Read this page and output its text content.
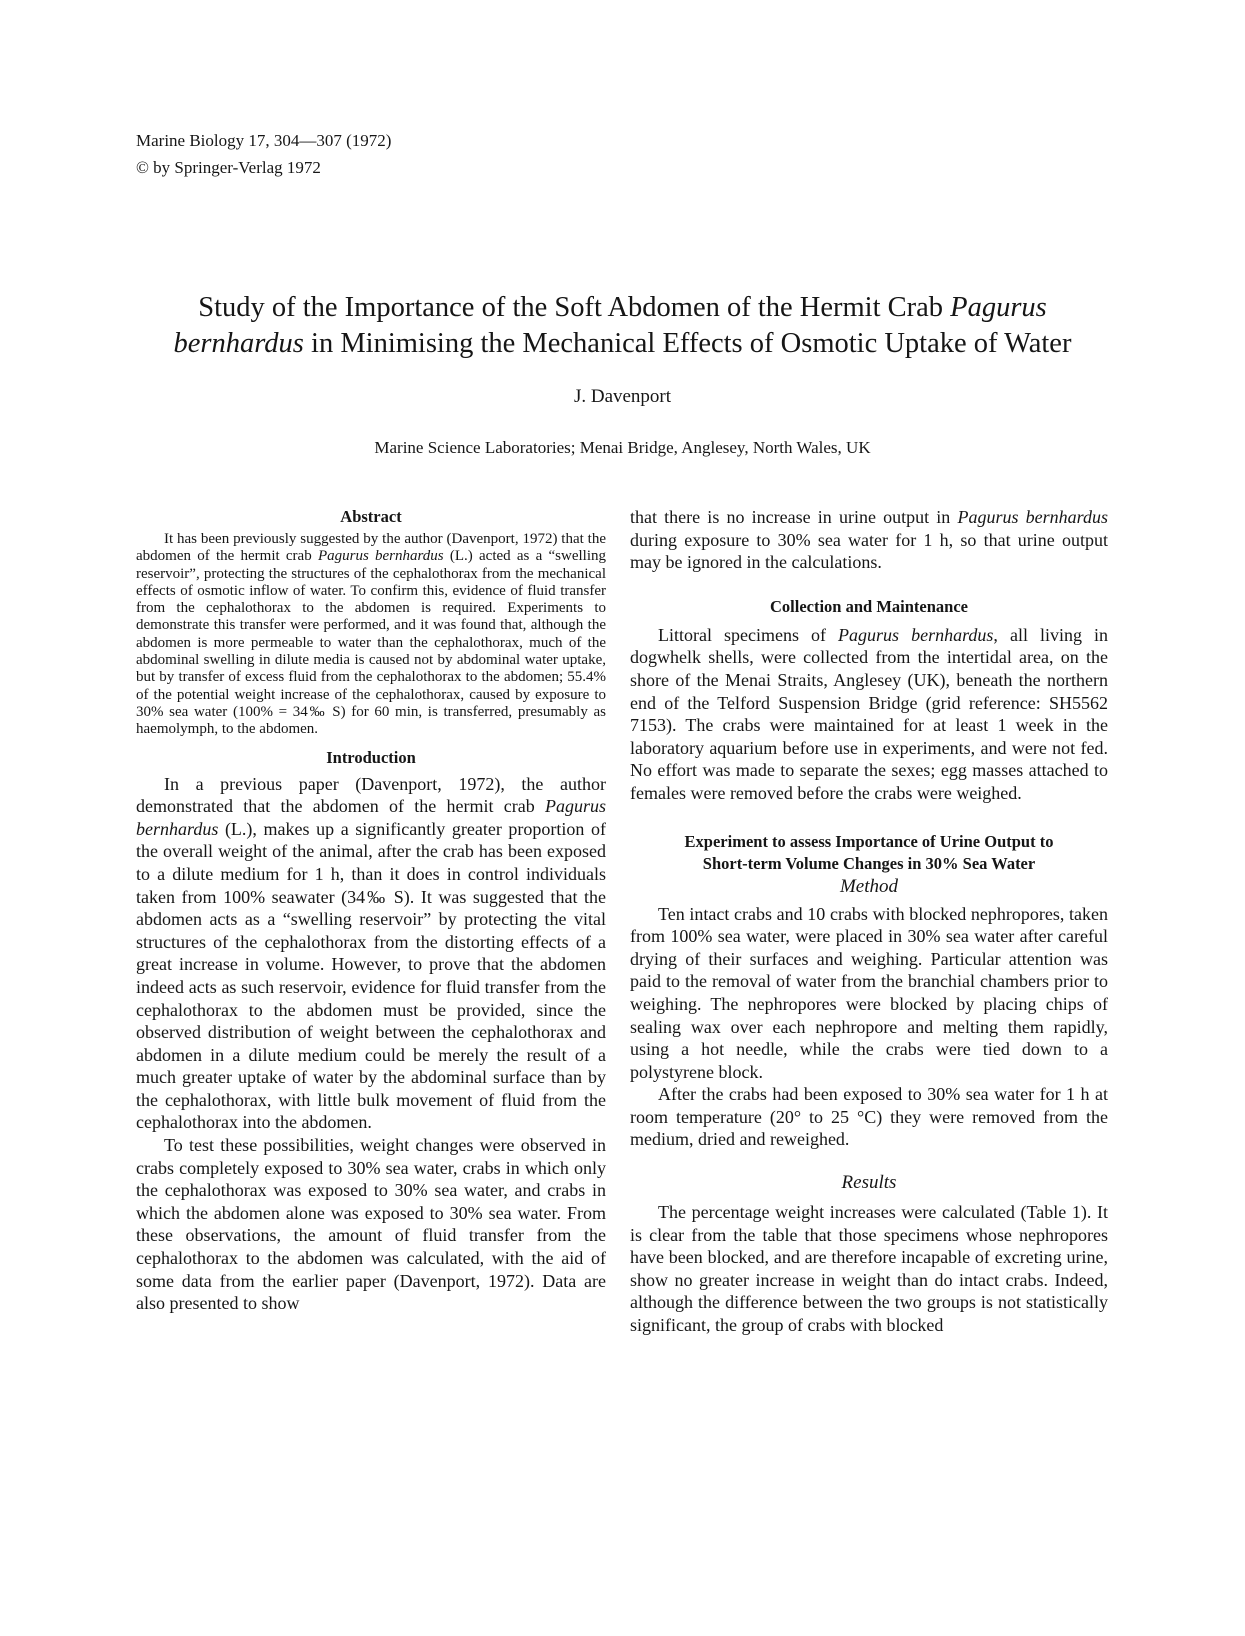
Marine Biology 17, 304—307 (1972)
© by Springer-Verlag 1972
Study of the Importance of the Soft Abdomen of the Hermit Crab Pagurus
bernhardus in Minimising the Mechanical Effects of Osmotic Uptake of Water
J. Davenport
Marine Science Laboratories; Menai Bridge, Anglesey, North Wales, UK
Abstract

It has been previously suggested by the author (Davenport, 1972) that the abdomen of the hermit crab Pagurus bernhardus (L.) acted as a “swelling reservoir”, protecting the structures of the cephalothorax from the mechanical effects of osmotic inflow of water. To confirm this, evidence of fluid transfer from the cephalothorax to the abdomen is required. Experiments to demonstrate this transfer were performed, and it was found that, although the abdomen is more permeable to water than the cephalothorax, much of the abdominal swelling in dilute media is caused not by abdominal water uptake, but by transfer of excess fluid from the cephalothorax to the abdomen; 55.4% of the potential weight increase of the cephalothorax, caused by exposure to 30% sea water (100% = 34‰ S) for 60 min, is transferred, presumably as haemolymph, to the abdomen.

Introduction

In a previous paper (Davenport, 1972), the author demonstrated that the abdomen of the hermit crab Pagurus bernhardus (L.), makes up a significantly greater proportion of the overall weight of the animal, after the crab has been exposed to a dilute medium for 1 h, than it does in control individuals taken from 100% seawater (34‰ S). It was suggested that the abdomen acts as a “swelling reservoir” by protecting the vital structures of the cephalothorax from the distorting effects of a great increase in volume. However, to prove that the abdomen indeed acts as such reservoir, evidence for fluid transfer from the cephalothorax to the abdomen must be provided, since the observed distribution of weight between the cephalothorax and abdomen in a dilute medium could be merely the result of a much greater uptake of water by the abdominal surface than by the cephalothorax, with little bulk movement of fluid from the cephalothorax into the abdomen.

To test these possibilities, weight changes were observed in crabs completely exposed to 30% sea water, crabs in which only the cephalothorax was exposed to 30% sea water, and crabs in which the abdomen alone was exposed to 30% sea water. From these observations, the amount of fluid transfer from the cephalothorax to the abdomen was calculated, with the aid of some data from the earlier paper (Davenport, 1972). Data are also presented to show

that there is no increase in urine output in Pagurus bernhardus during exposure to 30% sea water for 1 h, so that urine output may be ignored in the calculations.

Collection and Maintenance

Littoral specimens of Pagurus bernhardus, all living in dogwhelk shells, were collected from the intertidal area, on the shore of the Menai Straits, Anglesey (UK), beneath the northern end of the Telford Suspension Bridge (grid reference: SH5562 7153). The crabs were maintained for at least 1 week in the laboratory aquarium before use in experiments, and were not fed. No effort was made to separate the sexes; egg masses attached to females were removed before the crabs were weighed.

Experiment to assess Importance of Urine Output to
Short-term Volume Changes in 30% Sea Water
Method

Ten intact crabs and 10 crabs with blocked nephropores, taken from 100% sea water, were placed in 30% sea water after careful drying of their surfaces and weighing. Particular attention was paid to the removal of water from the branchial chambers prior to weighing. The nephropores were blocked by placing chips of sealing wax over each nephropore and melting them rapidly, using a hot needle, while the crabs were tied down to a polystyrene block.

After the crabs had been exposed to 30% sea water for 1 h at room temperature (20° to 25 °C) they were removed from the medium, dried and reweighed.

Results

The percentage weight increases were calculated (Table 1). It is clear from the table that those specimens whose nephropores have been blocked, and are therefore incapable of excreting urine, show no greater increase in weight than do intact crabs. Indeed, although the difference between the two groups is not statistically significant, the group of crabs with blocked
